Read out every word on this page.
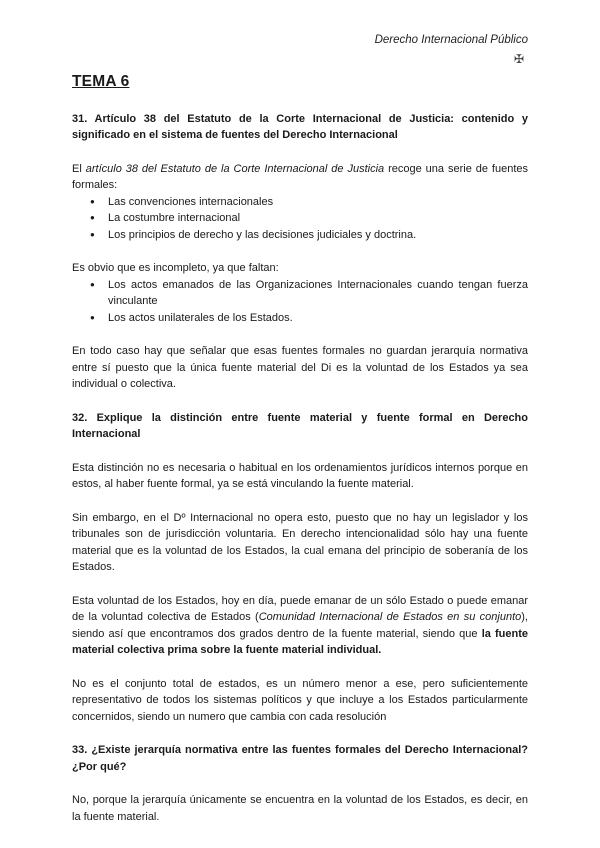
Derecho Internacional Público
✠
TEMA 6
31. Artículo 38 del Estatuto de la Corte Internacional de Justicia: contenido y significado en el sistema de fuentes del Derecho Internacional

El artículo 38 del Estatuto de la Corte Internacional de Justicia recoge una serie de fuentes formales:

● Las convenciones internacionales
● La costumbre internacional
● Los principios de derecho y las decisiones judiciales y doctrina.

Es obvio que es incompleto, ya que faltan:

● Los actos emanados de las Organizaciones Internacionales cuando tengan fuerza vinculante
● Los actos unilaterales de los Estados.

En todo caso hay que señalar que esas fuentes formales no guardan jerarquía normativa entre sí puesto que la única fuente material del Di es la voluntad de los Estados ya sea individual o colectiva.

32. Explique la distinción entre fuente material y fuente formal en Derecho Internacional

Esta distinción no es necesaria o habitual en los ordenamientos jurídicos internos porque en estos, al haber fuente formal, ya se está vinculando la fuente material.

Sin embargo, en el Dº Internacional no opera esto, puesto que no hay un legislador y los tribunales son de jurisdicción voluntaria. En derecho intencionalidad sólo hay una fuente material que es la voluntad de los Estados, la cual emana del principio de soberanía de los Estados.

Esta voluntad de los Estados, hoy en día, puede emanar de un sólo Estado o puede emanar de la voluntad colectiva de Estados (Comunidad Internacional de Estados en su conjunto), siendo así que encontramos dos grados dentro de la fuente material, siendo que la fuente material colectiva prima sobre la fuente material individual.

No es el conjunto total de estados, es un número menor a ese, pero suficientemente representativo de todos los sistemas políticos y que incluye a los Estados particularmente concernidos, siendo un numero que cambia con cada resolución

33. ¿Existe jerarquía normativa entre las fuentes formales del Derecho Internacional? ¿Por qué?

No, porque la jerarquía únicamente se encuentra en la voluntad de los Estados, es decir, en la fuente material.
